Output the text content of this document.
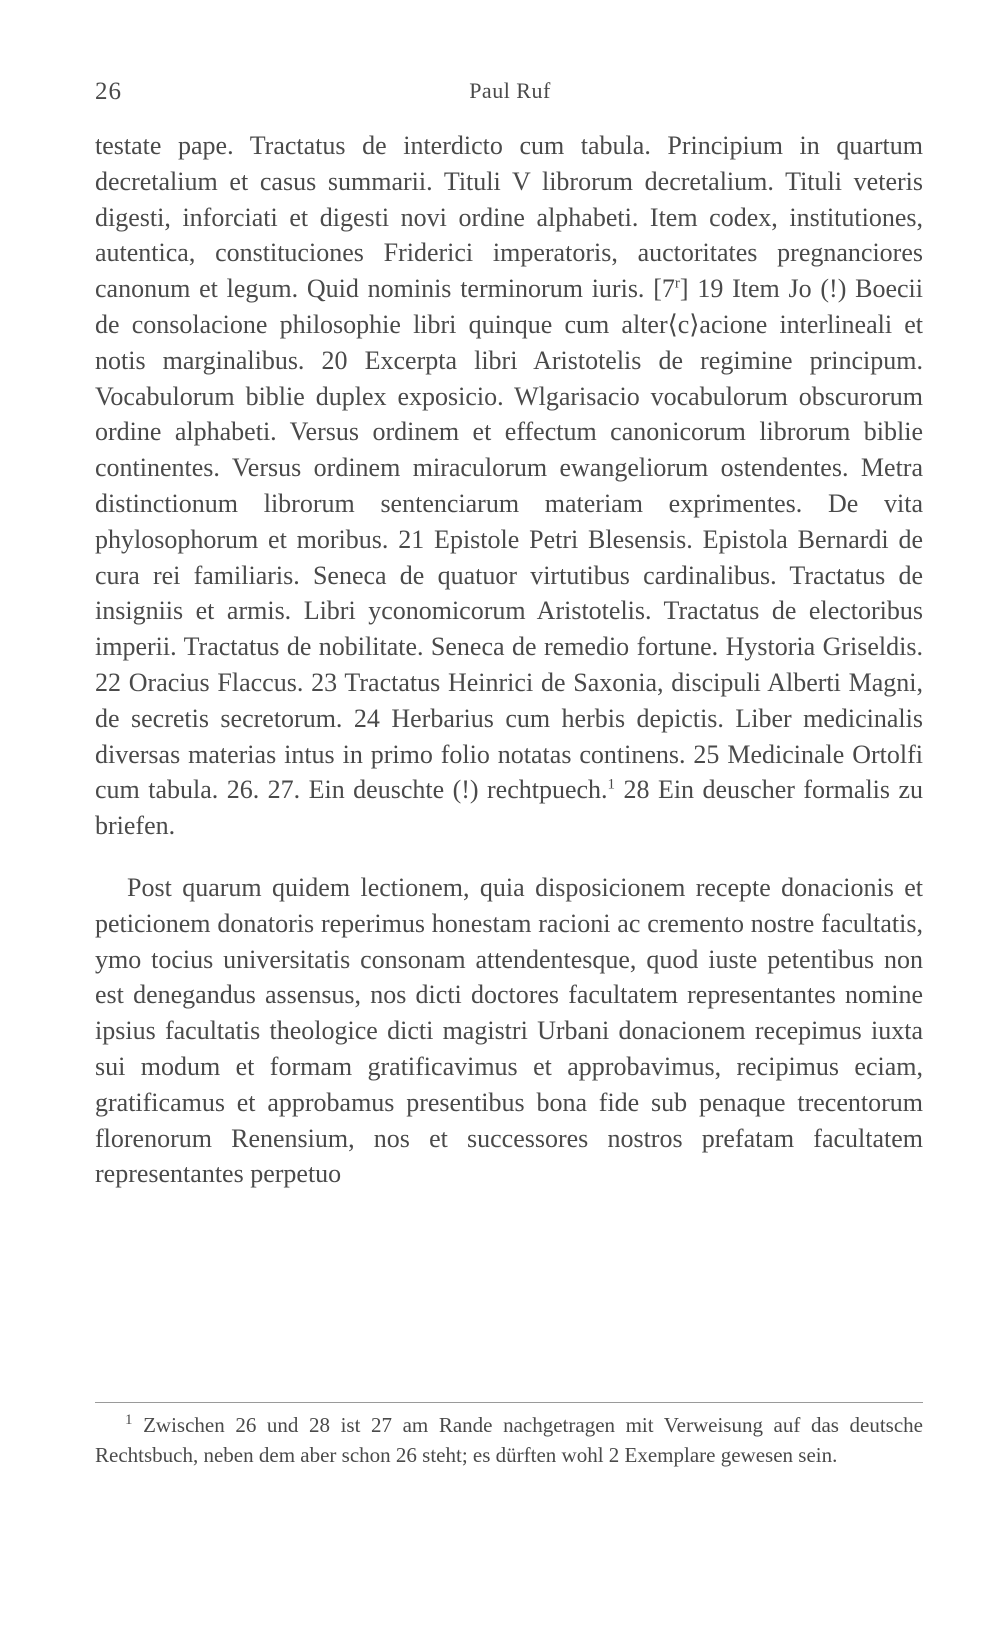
26	Paul Ruf

testate pape. Tractatus de interdicto cum tabula. Principium in quartum decretalium et casus summarii. Tituli V librorum decretalium. Tituli veteris digesti, inforciati et digesti novi ordine alphabeti. Item codex, institutiones, autentica, constituciones Friderici imperatoris, auctoritates pregnanciores canonum et legum. Quid nominis terminorum iuris. [7$^r$] 19 Item Jo (!) Boecii de consolacione philosophie libri quinque cum alter⟨c⟩acione interlineali et notis marginalibus. 20 Excerpta libri Aristotelis de regimine principum. Vocabulorum biblie duplex exposicio. Wlgarisacio vocabulorum obscurorum ordine alphabeti. Versus ordinem et effectum canonicorum librorum biblie continentes. Versus ordinem miraculorum ewangeliorum ostendentes. Metra distinctionum librorum sentenciarum materiam exprimentes. De vita phylosophorum et moribus. 21 Epistole Petri Blesensis. Epistola Bernardi de cura rei familiaris. Seneca de quatuor virtutibus cardinalibus. Tractatus de insigniis et armis. Libri yconomicorum Aristotelis. Tractatus de electoribus imperii. Tractatus de nobilitate. Seneca de remedio fortune. Hystoria Griseldis. 22 Oracius Flaccus. 23 Tractatus Heinrici de Saxonia, discipuli Alberti Magni, de secretis secretorum. 24 Herbarius cum herbis depictis. Liber medicinalis diversas materias intus in primo folio notatas continens. 25 Medicinale Ortolfi cum tabula. 26. 27. Ein deuschte (!) rechtpuech.$^1$ 28 Ein deuscher formalis zu briefen.

Post quarum quidem lectionem, quia disposicionem recepte donacionis et peticionem donatoris reperimus honestam racioni ac cremento nostre facultatis, ymo tocius universitatis consonam attendentesque, quod iuste petentibus non est denegandus assensus, nos dicti doctores facultatem representantes nomine ipsius facultatis theologice dicti magistri Urbani donacionem recepimus iuxta sui modum et formam gratificavimus et approbavimus, recipimus eciam, gratificamus et approbamus presentibus bona fide sub penaque trecentorum florenorum Renensium, nos et successores nostros prefatam facultatem representantes perpetuo

$^1$ Zwischen 26 und 28 ist 27 am Rande nachgetragen mit Verweisung auf das deutsche Rechtsbuch, neben dem aber schon 26 steht; es dürften wohl 2 Exemplare gewesen sein.
